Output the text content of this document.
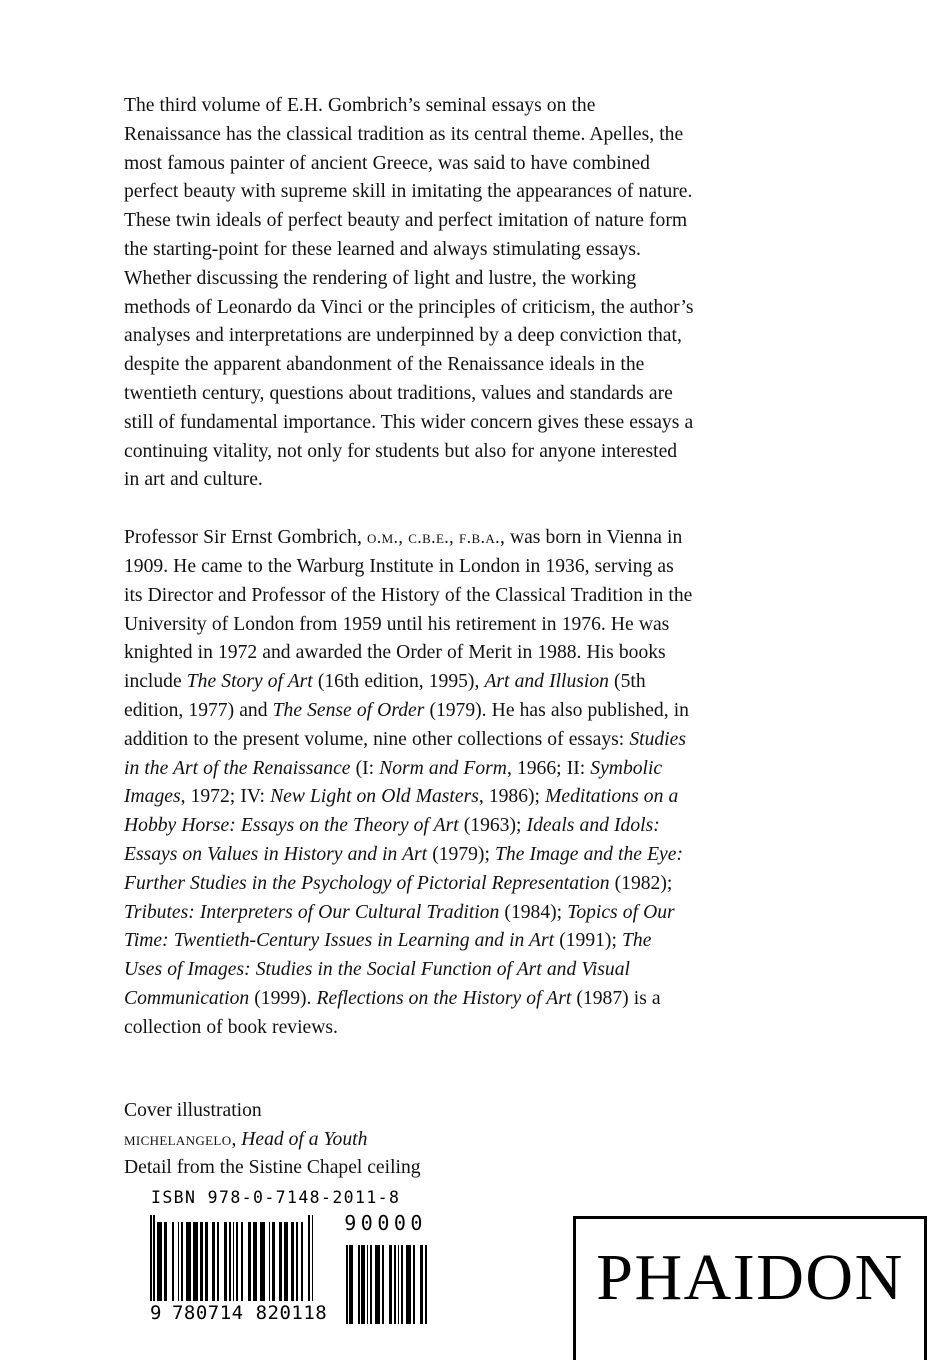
The third volume of E.H. Gombrich’s seminal essays on the Renaissance has the classical tradition as its central theme. Apelles, the most famous painter of ancient Greece, was said to have combined perfect beauty with supreme skill in imitating the appearances of nature. These twin ideals of perfect beauty and perfect imitation of nature form the starting-point for these learned and always stimulating essays. Whether discussing the rendering of light and lustre, the working methods of Leonardo da Vinci or the principles of criticism, the author’s analyses and interpretations are underpinned by a deep conviction that, despite the apparent abandonment of the Renaissance ideals in the twentieth century, questions about traditions, values and standards are still of fundamental importance. This wider concern gives these essays a continuing vitality, not only for students but also for anyone interested in art and culture.

Professor Sir Ernst Gombrich, o.m., c.b.e., f.b.a., was born in Vienna in 1909. He came to the Warburg Institute in London in 1936, serving as its Director and Professor of the History of the Classical Tradition in the University of London from 1959 until his retirement in 1976. He was knighted in 1972 and awarded the Order of Merit in 1988. His books include The Story of Art (16th edition, 1995), Art and Illusion (5th edition, 1977) and The Sense of Order (1979). He has also published, in addition to the present volume, nine other collections of essays: Studies in the Art of the Renaissance (I: Norm and Form, 1966; II: Symbolic Images, 1972; IV: New Light on Old Masters, 1986); Meditations on a Hobby Horse: Essays on the Theory of Art (1963); Ideals and Idols: Essays on Values in History and in Art (1979); The Image and the Eye: Further Studies in the Psychology of Pictorial Representation (1982); Tributes: Interpreters of Our Cultural Tradition (1984); Topics of Our Time: Twentieth-Century Issues in Learning and in Art (1991); The Uses of Images: Studies in the Social Function of Art and Visual Communication (1999). Reflections on the History of Art (1987) is a collection of book reviews.

Cover illustration
michelangelo, Head of a Youth
Detail from the Sistine Chapel ceiling
ISBN 978-0-7148-2011-8
9 780714 820118
90000
PHAIDON
